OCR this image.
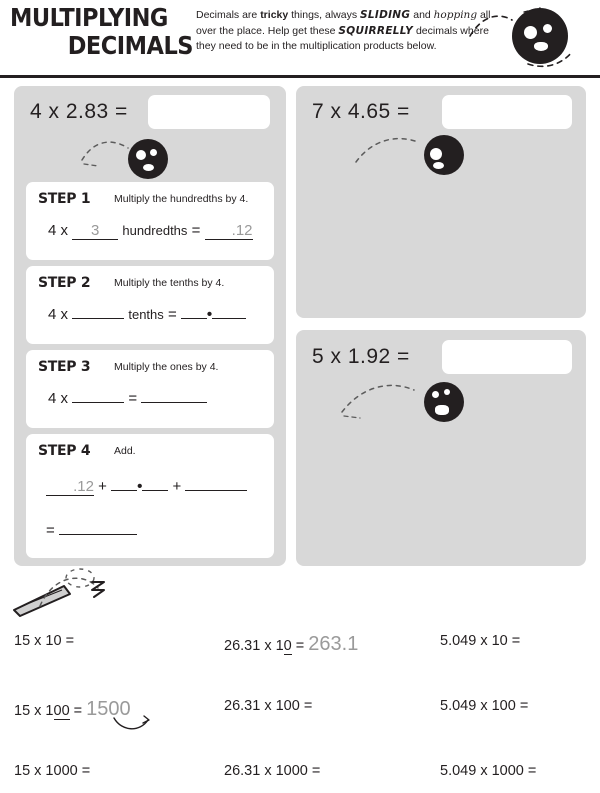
MULTIPLYING
DECIMALS
Decimals are tricky things, always SLIDING and hopping all over the place. Help get these SQUIRRELLY decimals where they need to be in the multiplication products below.
4 x 2.83 =
STEP 1 Multiply the hundredths by 4.
4 x 3 hundredths = .12
STEP 2 Multiply the tenths by 4.
4 x	tenths = •
STEP 3 Multiply the ones by 4.
4 x	=
STEP 4 Add.
.12 + • +
=
7 x 4.65 =
5 x 1.92 =
15 x 10 =
15 x 100 = 1500
15 x 1000 =
26.31 x 10 = 263.1
26.31 x 100 =
26.31 x 1000 =
5.049 x 10 =
5.049 x 100 =
5.049 x 1000 =
